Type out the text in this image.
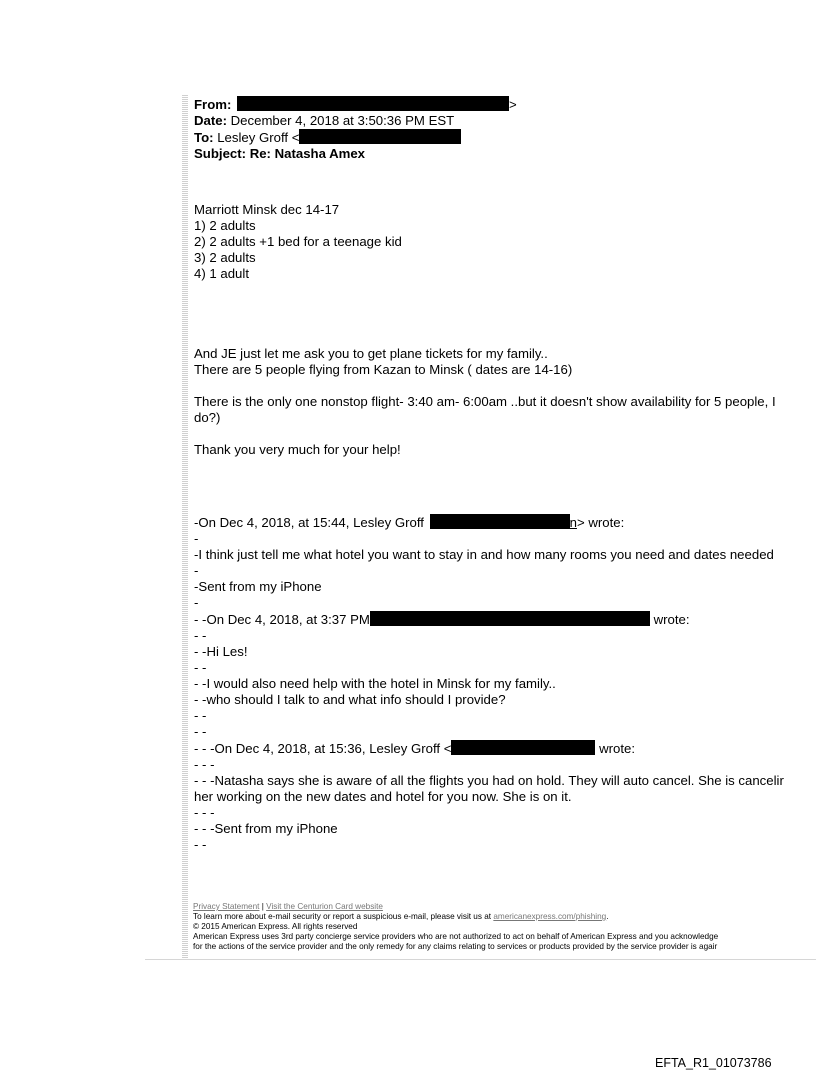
From:	>
Date: December 4, 2018 at 3:50:36 PM EST
To: Lesley Groff <
Subject: Re: Natasha Amex
Marriott Minsk dec 14-17
1) 2 adults
2) 2 adults +1 bed for a teenage kid
3) 2 adults
4) 1 adult
And JE just let me ask you to get plane tickets for my family..
There are 5 people flying from Kazan to Minsk ( dates are 14-16)
There is the only one nonstop flight- 3:40 am- 6:00am ..but it doesn't show availability for 5 people, I
do?)
Thank you very much for your help!
-On Dec 4, 2018, at 15:44, Lesley Groff	n> wrote:
-
-I think just tell me what hotel you want to stay in and how many rooms you need and dates needed
-
-Sent from my iPhone
-
- -On Dec 4, 2018, at 3:37 PM	wrote:
- -
- -Hi Les!
- -
- -I would also need help with the hotel in Minsk for my family..
- -who should I talk to and what info should I provide?
- -
- -
- - -On Dec 4, 2018, at 15:36, Lesley Groff <	wrote:
- - -
- - -Natasha says she is aware of all the flights you had on hold. They will auto cancel. She is cancelir
her working on the new dates and hotel for you now. She is on it.
- - -
- - -Sent from my iPhone
- -
Privacy Statement | Visit the Centurion Card website
To learn more about e-mail security or report a suspicious e-mail, please visit us at americanexpress.com/phishing.
© 2015 American Express. All rights reserved
American Express uses 3rd party concierge service providers who are not authorized to act on behalf of American Express and you acknowledge
for the actions of the service provider and the only remedy for any claims relating to services or products provided by the service provider is agair
EFTA_R1_01073786
